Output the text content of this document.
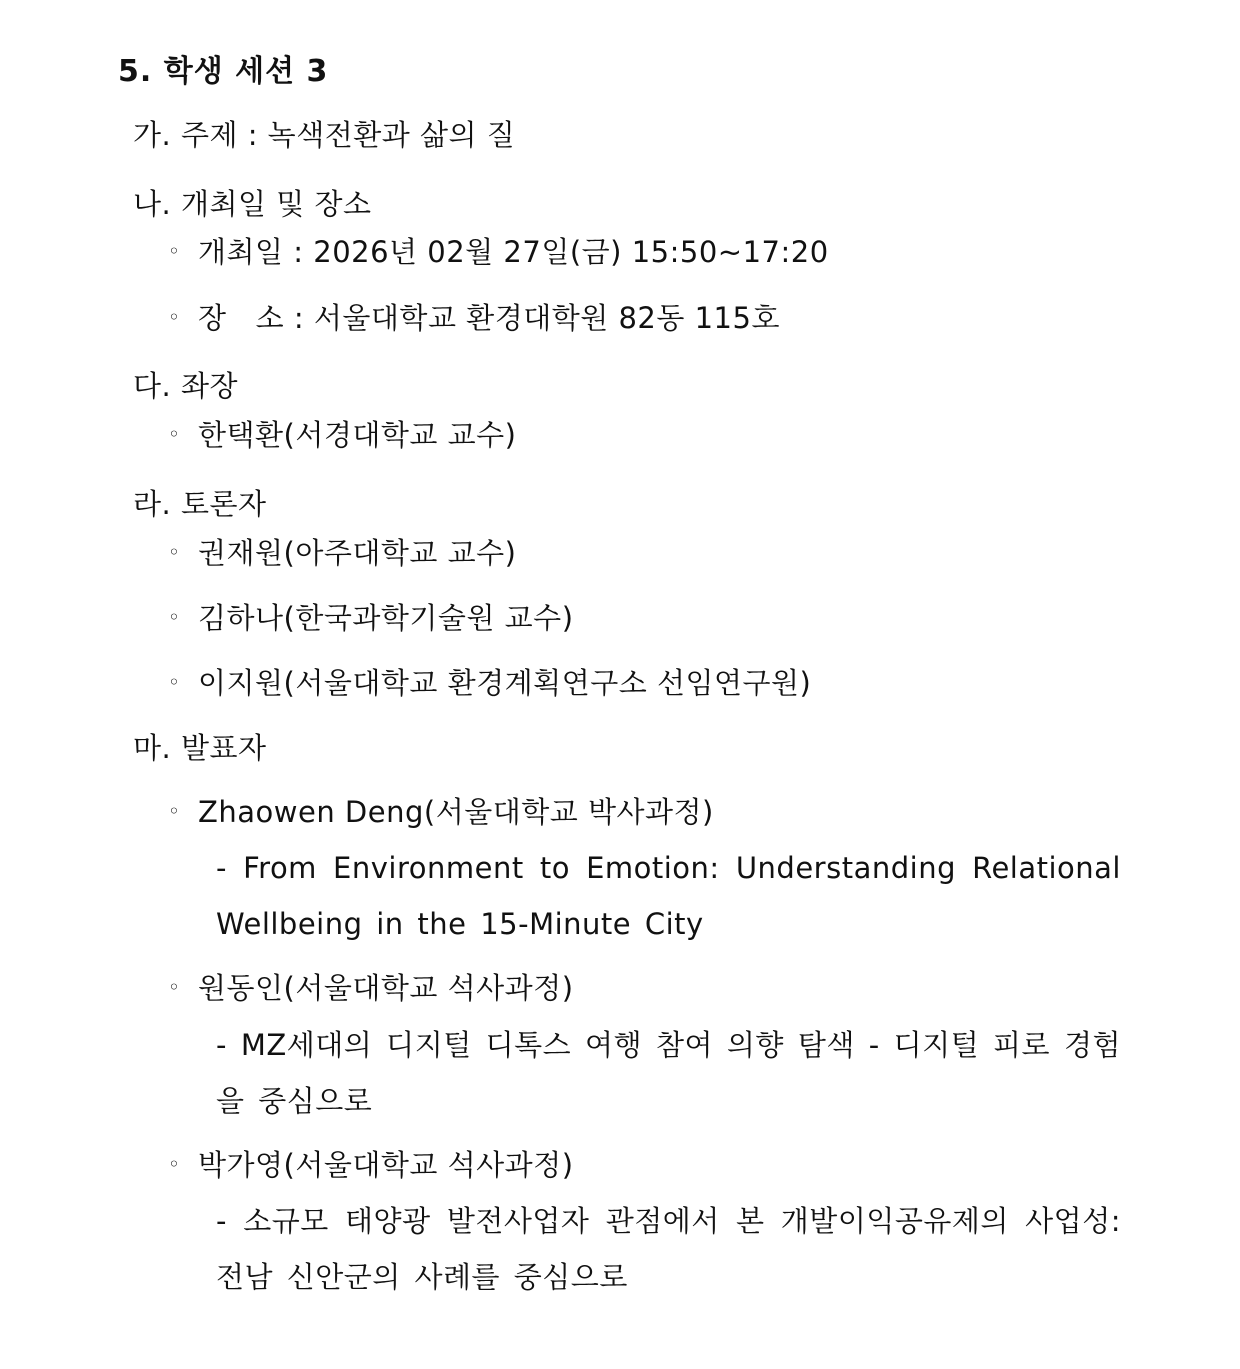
5. 학생 세션 3
가. 주제 : 녹색전환과 삶의 질
나. 개최일 및 장소
◦ 개최일 : 2026년 02월 27일(금) 15:50~17:20
◦ 장   소 : 서울대학교 환경대학원 82동 115호
다. 좌장
◦ 한택환(서경대학교 교수)
라. 토론자
◦ 권재원(아주대학교 교수)
◦ 김하나(한국과학기술원 교수)
◦ 이지원(서울대학교 환경계획연구소 선임연구원)
마. 발표자
◦ Zhaowen Deng(서울대학교 박사과정)
- From Environment to Emotion: Understanding Relational Wellbeing in the 15-Minute City
◦ 원동인(서울대학교 석사과정)
- MZ세대의 디지털 디톡스 여행 참여 의향 탐색 - 디지털 피로 경험을 중심으로
◦ 박가영(서울대학교 석사과정)
- 소규모 태양광 발전사업자 관점에서 본 개발이익공유제의 사업성: 전남 신안군의 사례를 중심으로
